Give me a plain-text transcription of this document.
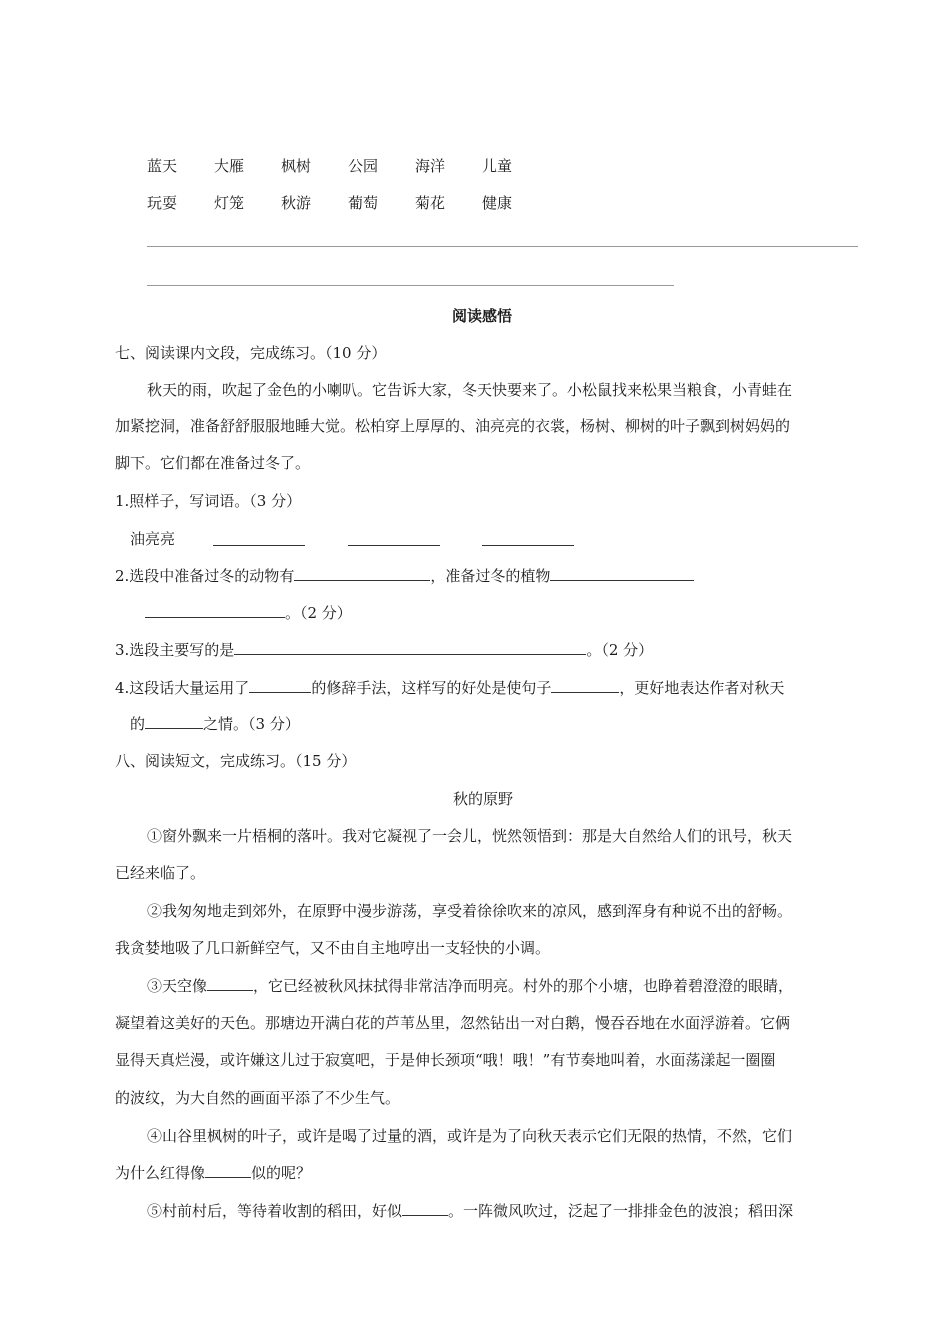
蓝天 大雁 枫树 公园 海洋 儿童
玩耍 灯笼 秋游 葡萄 菊花 健康
阅读感悟
七、阅读课内文段，完成练习。（10 分）
秋天的雨，吹起了金色的小喇叭。它告诉大家，冬天快要来了。小松鼠找来松果当粮食，小青蛙在
加紧挖洞，准备舒舒服服地睡大觉。松柏穿上厚厚的、油亮亮的衣裳，杨树、柳树的叶子飘到树妈妈的
脚下。它们都在准备过冬了。
1.照样子，写词语。（3 分）
油亮亮
2.选段中准备过冬的动物有	，准备过冬的植物
。（2 分）
3.选段主要写的是	。（2 分）
4.这段话大量运用了	的修辞手法，这样写的好处是使句子	，更好地表达作者对秋天
的	之情。（3 分）
八、阅读短文，完成练习。（15 分）
秋的原野
①窗外飘来一片梧桐的落叶。我对它凝视了一会儿，恍然领悟到：那是大自然给人们的讯号，秋天
已经来临了。
②我匆匆地走到郊外，在原野中漫步游荡，享受着徐徐吹来的凉风，感到浑身有种说不出的舒畅。
我贪婪地吸了几口新鲜空气，又不由自主地哼出一支轻快的小调。
③天空像	，它已经被秋风抹拭得非常洁净而明亮。村外的那个小塘，也睁着碧澄澄的眼睛，
凝望着这美好的天色。那塘边开满白花的芦苇丛里，忽然钻出一对白鹅，慢吞吞地在水面浮游着。它俩
显得天真烂漫，或许嫌这儿过于寂寞吧，于是伸长颈项“哦！哦！”有节奏地叫着，水面荡漾起一圈圈
的波纹，为大自然的画面平添了不少生气。
④山谷里枫树的叶子，或许是喝了过量的酒，或许是为了向秋天表示它们无限的热情，不然，它们
为什么红得像	似的呢？
⑤村前村后，等待着收割的稻田，好似	。一阵微风吹过，泛起了一排排金色的波浪；稻田深
